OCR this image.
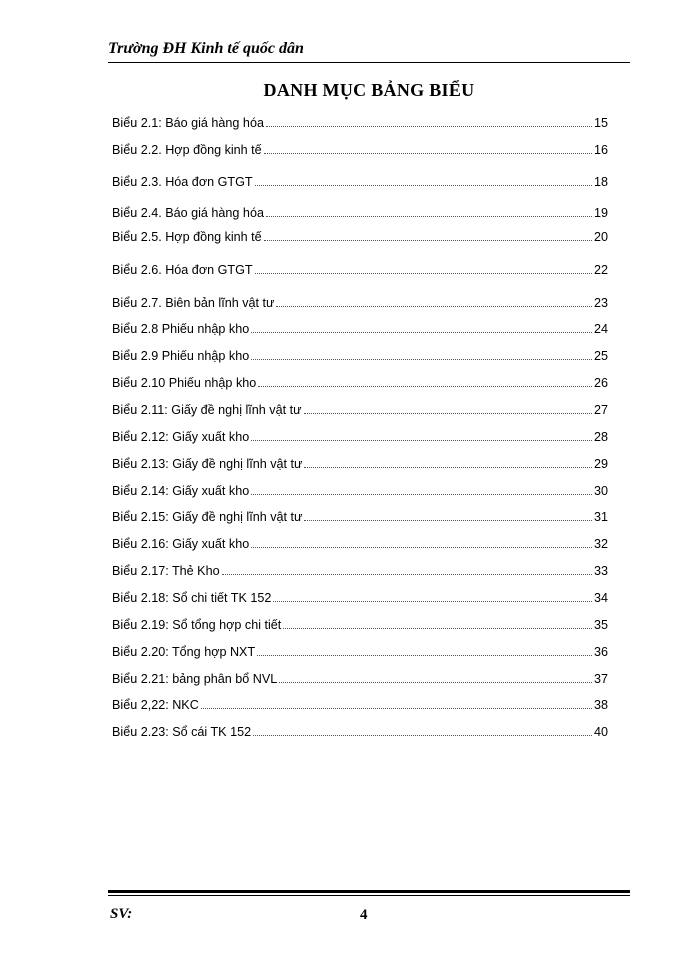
Trường ĐH Kinh tế quốc dân
DANH MỤC BẢNG BIỂU
Biểu 2.1: Báo giá hàng hóa	15
Biểu 2.2. Hợp đồng kinh tế	16
Biểu 2.3. Hóa đơn GTGT	18
Biểu 2.4. Báo giá hàng hóa	19
Biểu 2.5. Hợp đồng kinh tế	20
Biểu 2.6. Hóa đơn GTGT	22
Biểu 2.7. Biên bản lĩnh vật tư	23
Biểu 2.8 Phiếu nhập kho	24
Biểu 2.9 Phiếu nhập kho	25
Biểu 2.10 Phiếu nhập kho	26
Biểu 2.11: Giấy đề nghị lĩnh vật tư	27
Biểu 2.12: Giấy xuất kho	28
Biểu 2.13: Giấy đề nghị lĩnh vật tư	29
Biểu 2.14: Giấy xuất kho	30
Biểu 2.15: Giấy đề nghị lĩnh vật tư	31
Biểu 2.16: Giấy xuất kho	32
Biểu 2.17: Thẻ Kho	33
Biểu 2.18: Sổ chi tiết TK 152	34
Biểu 2.19: Sổ tổng hợp chi tiết	35
Biểu 2.20: Tổng hợp NXT	36
Biểu 2.21: bảng phân bổ NVL	37
Biểu 2,22: NKC	38
Biểu 2.23: Sổ cái TK 152	40
SV:	4
